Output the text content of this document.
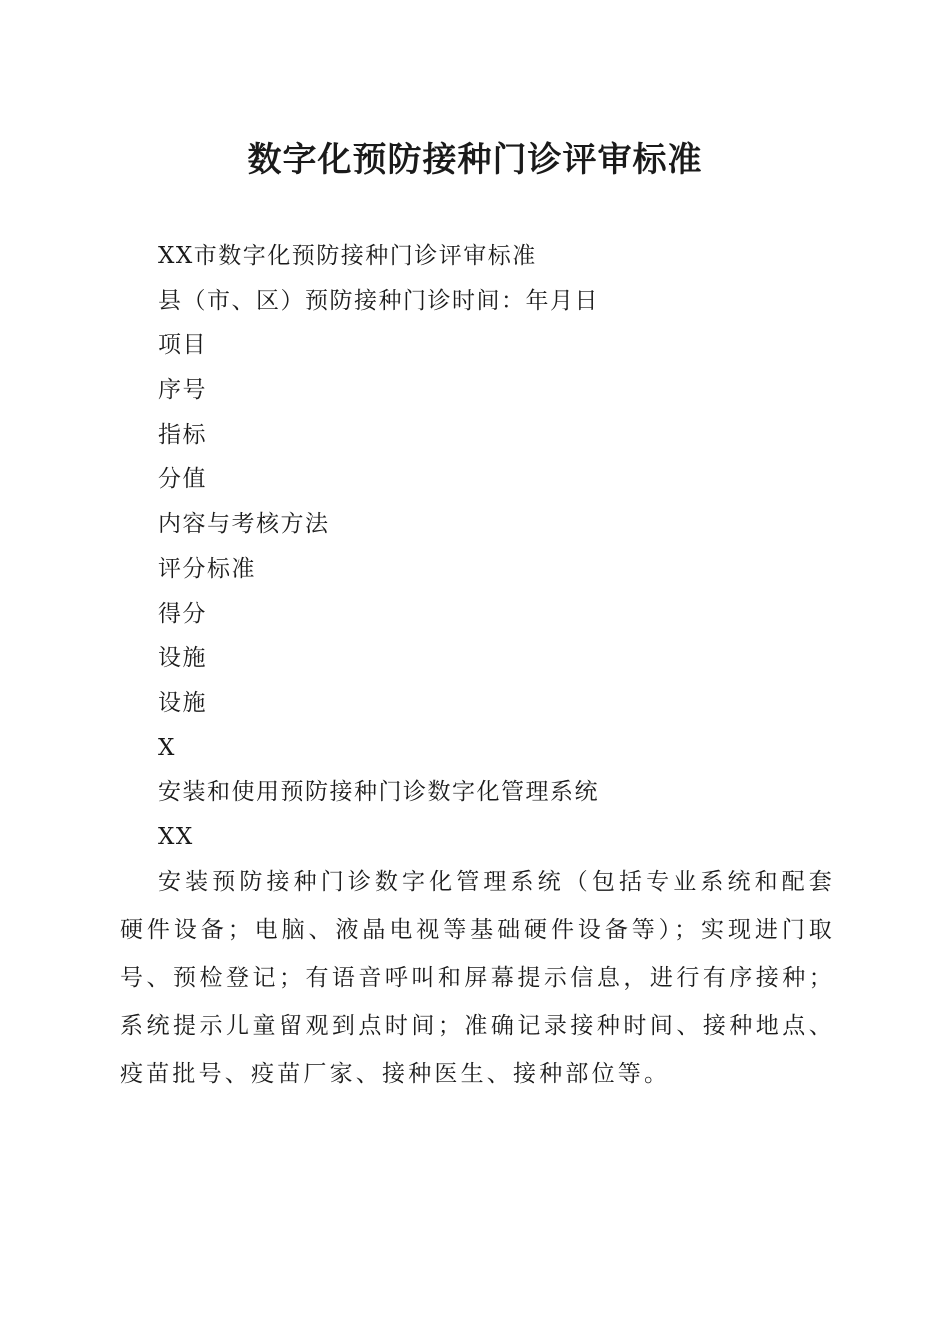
数字化预防接种门诊评审标准
XX市数字化预防接种门诊评审标准
县（市、区）预防接种门诊时间：年月日
项目
序号
指标
分值
内容与考核方法
评分标准
得分
设施
设施
X
安装和使用预防接种门诊数字化管理系统
XX

安装预防接种门诊数字化管理系统（包括专业系统和配套硬件设备；电脑、液晶电视等基础硬件设备等）；实现进门取号、预检登记；有语音呼叫和屏幕提示信息，进行有序接种；系统提示儿童留观到点时间；准确记录接种时间、接种地点、疫苗批号、疫苗厂家、接种医生、接种部位等。
